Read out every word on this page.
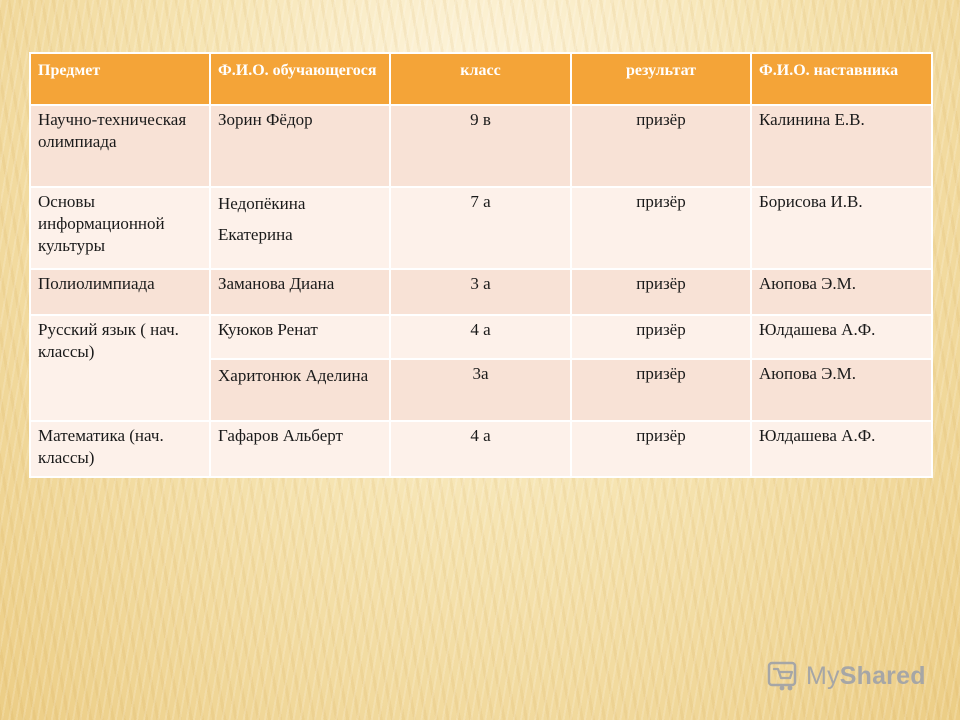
Предмет	Ф.И.О. обучающегося	класс	результат	Ф.И.О. наставника
Научно-техническая олимпиада	Зорин Фёдор	9 в	призёр	Калинина Е.В.
Основы информационной культуры	Недопёкина Екатерина	7 а	призёр	Борисова И.В.
Полиолимпиада	Заманова Диана	3 а	призёр	Аюпова Э.М.
Русский язык ( нач. классы)	Куюков Ренат	4 а	призёр	Юлдашева А.Ф.
	Харитонюк Аделина	3а	призёр	Аюпова Э.М.
Математика (нач. классы)	Гафаров Альберт	4 а	призёр	Юлдашева А.Ф.
MyShared
